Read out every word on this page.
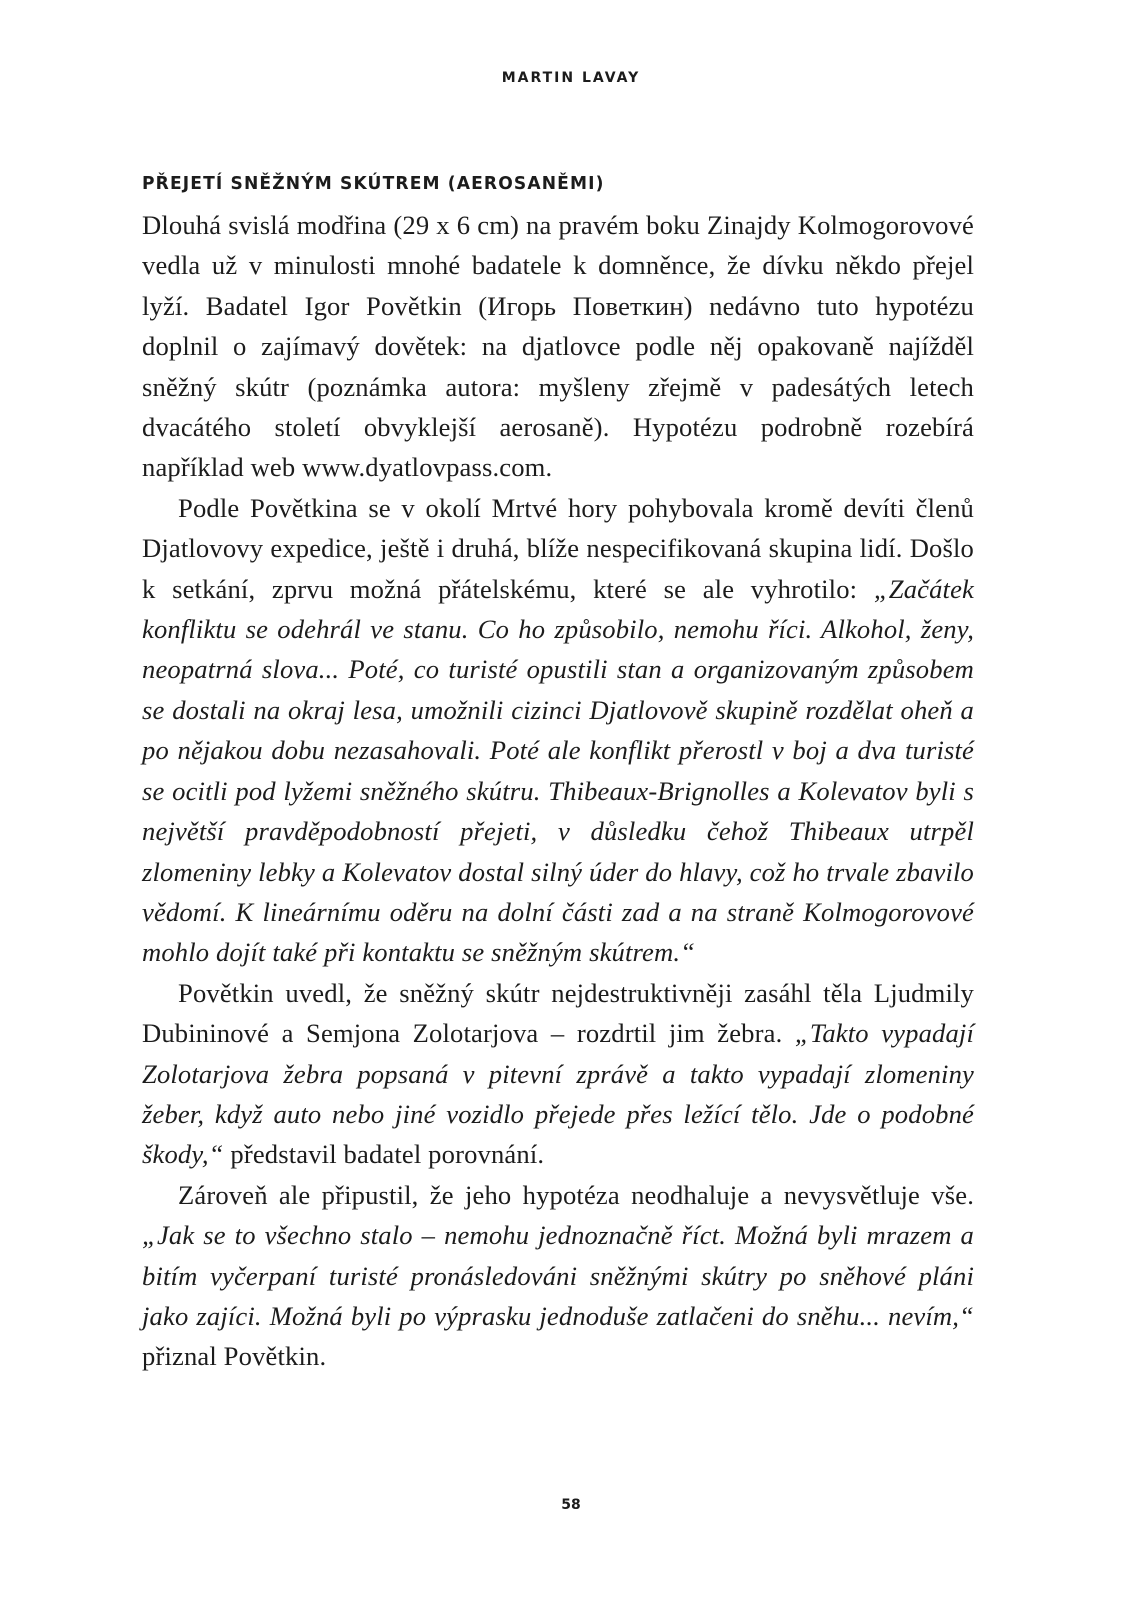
MARTIN LAVAY
PŘEJETÍ SNĚŽNÝM SKÚTREM (AEROSANĚMI)

Dlouhá svislá modřina (29 x 6 cm) na pravém boku Zinajdy Kolmogorovové vedla už v minulosti mnohé badatele k domněnce, že dívku někdo přejel lyží. Badatel Igor Povětkin (Игорь Поветкин) nedávno tuto hypotézu doplnil o zajímavý dovětek: na djatlovce podle něj opakovaně najížděl sněžný skútr (poznámka autora: myšleny zřejmě v padesátých letech dvacátého století obvyklejší aerosaně). Hypotézu podrobně rozebírá například web www.dyatlovpass.com.

Podle Povětkina se v okolí Mrtvé hory pohybovala kromě devíti členů Djatlovovy expedice, ještě i druhá, blíže nespecifikovaná skupina lidí. Došlo k setkání, zprvu možná přátelskému, které se ale vyhrotilo: „Začátek konfliktu se odehrál ve stanu. Co ho způsobilo, nemohu říci. Alkohol, ženy, neopatrná slova... Poté, co turisté opustili stan a organizovaným způsobem se dostali na okraj lesa, umožnili cizinci Djatlovově skupině rozdělat oheň a po nějakou dobu nezasahovali. Poté ale konflikt přerostl v boj a dva turisté se ocitli pod lyžemi sněžného skútru. Thibeaux-Brignolles a Kolevatov byli s největší pravděpodobností přejeti, v důsledku čehož Thibeaux utrpěl zlomeniny lebky a Kolevatov dostal silný úder do hlavy, což ho trvale zbavilo vědomí. K lineárnímu oděru na dolní části zad a na straně Kolmogorovové mohlo dojít také při kontaktu se sněžným skútrem.“

Povětkin uvedl, že sněžný skútr nejdestruktivněji zasáhl těla Ljudmily Dubininové a Semjona Zolotarjova – rozdrtil jim žebra. „Takto vypadají Zolotarjova žebra popsaná v pitevní zprávě a takto vypadají zlomeniny žeber, když auto nebo jiné vozidlo přejede přes ležící tělo. Jde o podobné škody,“ představil badatel porovnání.

Zároveň ale připustil, že jeho hypotéza neodhaluje a nevysvětluje vše. „Jak se to všechno stalo – nemohu jednoznačně říct. Možná byli mrazem a bitím vyčerpaní turisté pronásledováni sněžnými skútry po sněhové pláni jako zajíci. Možná byli po výprasku jednoduše zatlačeni do sněhu... nevím,“ přiznal Povětkin.

58
